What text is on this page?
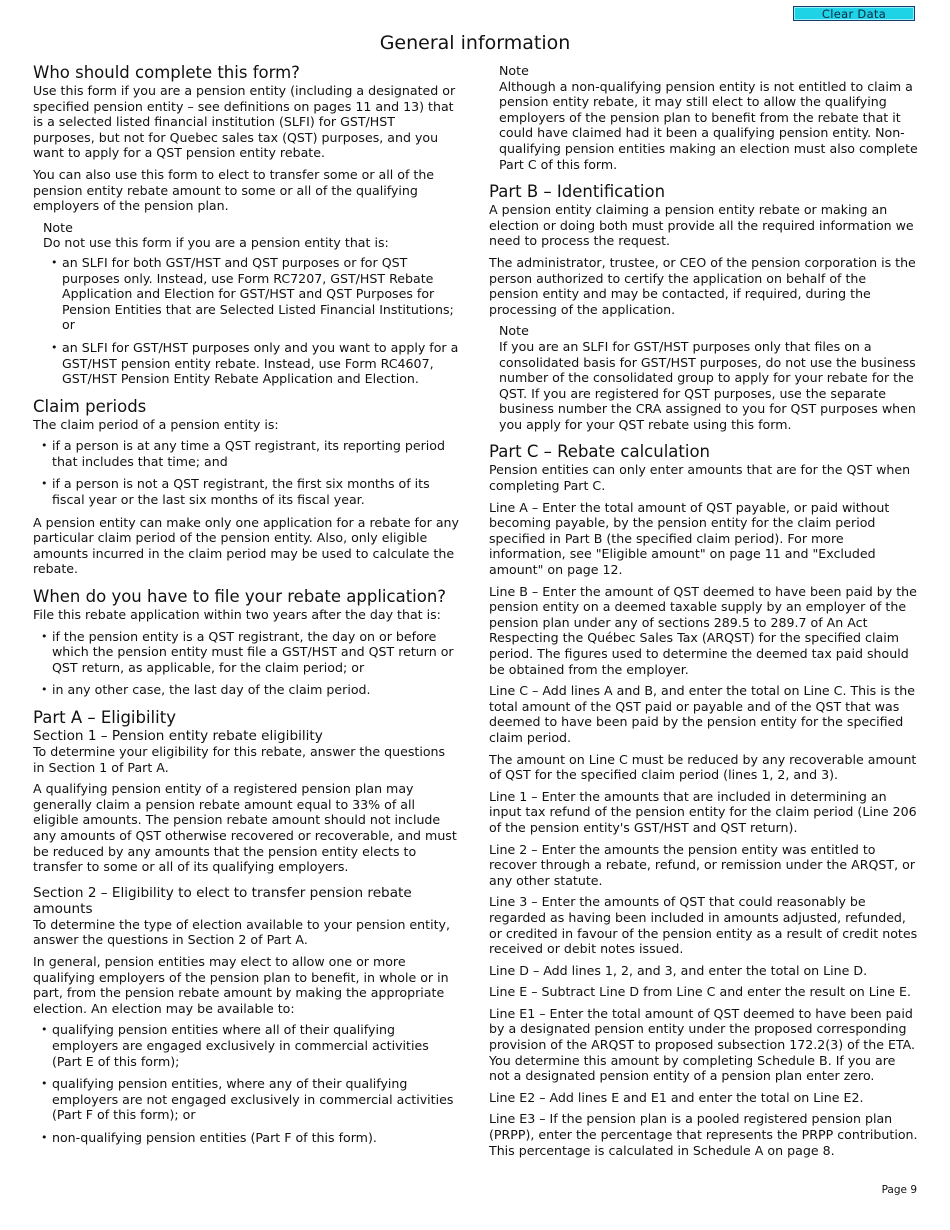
Clear Data
General information
Who should complete this form?

Use this form if you are a pension entity (including a designated or specified pension entity – see definitions on pages 11 and 13) that is a selected listed financial institution (SLFI) for GST/HST purposes, but not for Quebec sales tax (QST) purposes, and you want to apply for a QST pension entity rebate.

You can also use this form to elect to transfer some or all of the pension entity rebate amount to some or all of the qualifying employers of the pension plan.

Note
Do not use this form if you are a pension entity that is:
• an SLFI for both GST/HST and QST purposes or for QST purposes only. Instead, use Form RC7207, GST/HST Rebate Application and Election for GST/HST and QST Purposes for Pension Entities that are Selected Listed Financial Institutions; or
• an SLFI for GST/HST purposes only and you want to apply for a GST/HST pension entity rebate. Instead, use Form RC4607, GST/HST Pension Entity Rebate Application and Election.
Claim periods

The claim period of a pension entity is:

• if a person is at any time a QST registrant, its reporting period that includes that time; and
• if a person is not a QST registrant, the first six months of its fiscal year or the last six months of its fiscal year.

A pension entity can make only one application for a rebate for any particular claim period of the pension entity. Also, only eligible amounts incurred in the claim period may be used to calculate the rebate.

When do you have to file your rebate application?

File this rebate application within two years after the day that is:

• if the pension entity is a QST registrant, the day on or before which the pension entity must file a GST/HST and QST return or QST return, as applicable, for the claim period; or
• in any other case, the last day of the claim period.
Part A – Eligibility
Section 1 – Pension entity rebate eligibility

To determine your eligibility for this rebate, answer the questions in Section 1 of Part A.

A qualifying pension entity of a registered pension plan may generally claim a pension rebate amount equal to 33% of all eligible amounts. The pension rebate amount should not include any amounts of QST otherwise recovered or recoverable, and must be reduced by any amounts that the pension entity elects to transfer to some or all of its qualifying employers.

Section 2 – Eligibility to elect to transfer pension rebate amounts

To determine the type of election available to your pension entity, answer the questions in Section 2 of Part A.

In general, pension entities may elect to allow one or more qualifying employers of the pension plan to benefit, in whole or in part, from the pension rebate amount by making the appropriate election. An election may be available to:

• qualifying pension entities where all of their qualifying employers are engaged exclusively in commercial activities (Part E of this form);
• qualifying pension entities, where any of their qualifying employers are not engaged exclusively in commercial activities (Part F of this form); or
• non-qualifying pension entities (Part F of this form).
Note
Although a non-qualifying pension entity is not entitled to claim a pension entity rebate, it may still elect to allow the qualifying employers of the pension plan to benefit from the rebate that it could have claimed had it been a qualifying pension entity. Non-qualifying pension entities making an election must also complete Part C of this form.
Part B – Identification

A pension entity claiming a pension entity rebate or making an election or doing both must provide all the required information we need to process the request.

The administrator, trustee, or CEO of the pension corporation is the person authorized to certify the application on behalf of the pension entity and may be contacted, if required, during the processing of the application.

Note
If you are an SLFI for GST/HST purposes only that files on a consolidated basis for GST/HST purposes, do not use the business number of the consolidated group to apply for your rebate for the QST. If you are registered for QST purposes, use the separate business number the CRA assigned to you for QST purposes when you apply for your QST rebate using this form.
Part C – Rebate calculation

Pension entities can only enter amounts that are for the QST when completing Part C.

Line A – Enter the total amount of QST payable, or paid without becoming payable, by the pension entity for the claim period specified in Part B (the specified claim period). For more information, see "Eligible amount" on page 11 and "Excluded amount" on page 12.

Line B – Enter the amount of QST deemed to have been paid by the pension entity on a deemed taxable supply by an employer of the pension plan under any of sections 289.5 to 289.7 of An Act Respecting the Québec Sales Tax (ARQST) for the specified claim period. The figures used to determine the deemed tax paid should be obtained from the employer.

Line C – Add lines A and B, and enter the total on Line C. This is the total amount of the QST paid or payable and of the QST that was deemed to have been paid by the pension entity for the specified claim period.

The amount on Line C must be reduced by any recoverable amount of QST for the specified claim period (lines 1, 2, and 3).

Line 1 – Enter the amounts that are included in determining an input tax refund of the pension entity for the claim period (Line 206 of the pension entity's GST/HST and QST return).

Line 2 – Enter the amounts the pension entity was entitled to recover through a rebate, refund, or remission under the ARQST, or any other statute.

Line 3 – Enter the amounts of QST that could reasonably be regarded as having been included in amounts adjusted, refunded, or credited in favour of the pension entity as a result of credit notes received or debit notes issued.

Line D – Add lines 1, 2, and 3, and enter the total on Line D.

Line E – Subtract Line D from Line C and enter the result on Line E.

Line E1 – Enter the total amount of QST deemed to have been paid by a designated pension entity under the proposed corresponding provision of the ARQST to proposed subsection 172.2(3) of the ETA. You determine this amount by completing Schedule B. If you are not a designated pension entity of a pension plan enter zero.

Line E2 – Add lines E and E1 and enter the total on Line E2.

Line E3 – If the pension plan is a pooled registered pension plan (PRPP), enter the percentage that represents the PRPP contribution. This percentage is calculated in Schedule A on page 8.

Page 9
